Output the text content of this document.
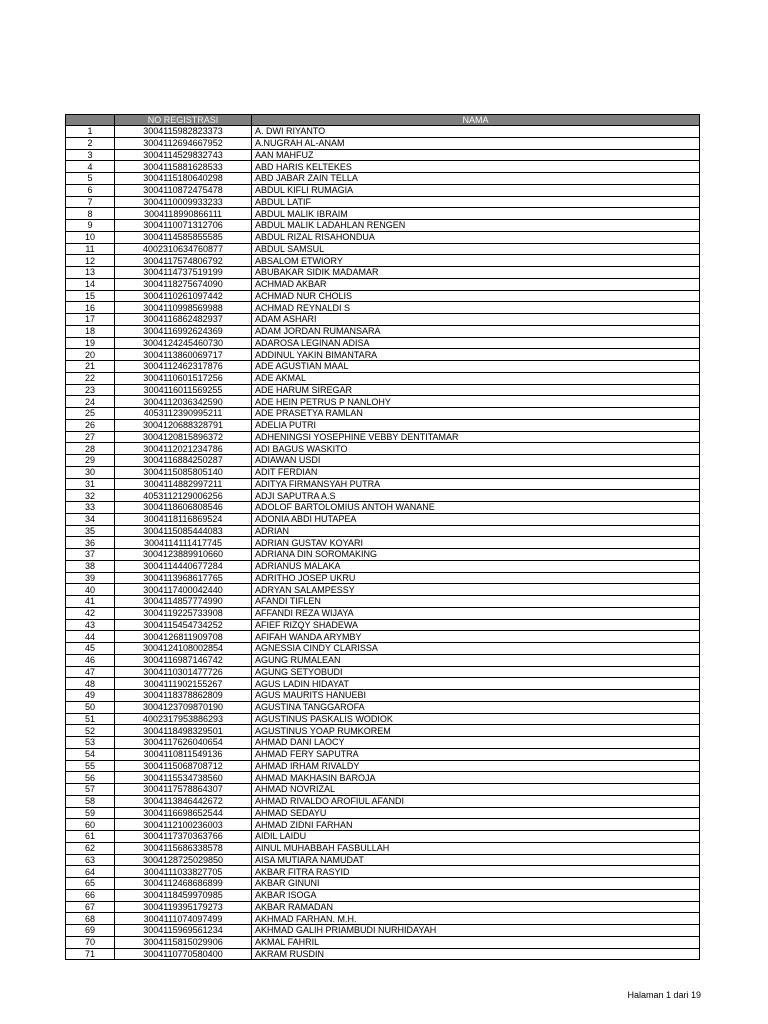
	NO REGISTRASI	NAMA
1	3004115982823373	A. DWI RIYANTO
2	3004112694667952	A.NUGRAH AL-ANAM
3	3004114529832743	AAN MAHFUZ
4	3004115881628533	ABD HARIS KELTEKES
5	3004115180640298	ABD JABAR ZAIN TELLA
6	3004110872475478	ABDUL KIFLI RUMAGIA
7	3004110009933233	ABDUL LATIF
8	3004118990866111	ABDUL MALIK IBRAIM
9	3004110071312706	ABDUL MALIK LADAHLAN RENGEN
10	3004114585855585	ABDUL RIZAL RISAHONDUA
11	4002310634760877	ABDUL SAMSUL
12	3004117574806792	ABSALOM ETWIORY
13	3004114737519199	ABUBAKAR SIDIK MADAMAR
14	3004118275674090	ACHMAD AKBAR
15	3004110261097442	ACHMAD NUR CHOLIS
16	3004110998569988	ACHMAD REYNALDI S
17	3004116862482937	ADAM ASHARI
18	3004116992624369	ADAM JORDAN RUMANSARA
19	3004124245460730	ADAROSA LEGINAN ADISA
20	3004113860069717	ADDINUL YAKIN BIMANTARA
21	3004112462317876	ADE AGUSTIAN MAAL
22	3004110601517256	ADE AKMAL
23	3004116011569255	ADE HARUM SIREGAR
24	3004112036342590	ADE HEIN PETRUS P NANLOHY
25	4053112390995211	ADE PRASETYA RAMLAN
26	3004120688328791	ADELIA PUTRI
27	3004120815896372	ADHENINGSI YOSEPHINE VEBBY DENTITAMAR
28	3004112021234786	ADI BAGUS WASKITO
29	3004116884250287	ADIAWAN USDI
30	3004115085805140	ADIT FERDIAN
31	3004114882997211	ADITYA FIRMANSYAH PUTRA
32	4053112129006256	ADJI SAPUTRA A.S
33	3004118606808546	ADOLOF BARTOLOMIUS ANTOH WANANE
34	3004118116869524	ADONIA ABDI HUTAPEA
35	3004115085444083	ADRIAN
36	3004114111417745	ADRIAN GUSTAV KOYARI
37	3004123889910660	ADRIANA DIN SOROMAKING
38	3004114440677284	ADRIANUS MALAKA
39	3004113968617765	ADRITHO JOSEP UKRU
40	3004117400042440	ADRYAN SALAMPESSY
41	3004114857774990	AFANDI TIFLEN
42	3004119225733908	AFFANDI REZA WIJAYA
43	3004115454734252	AFIEF RIZQY SHADEWA
44	3004126811909708	AFIFAH WANDA ARYMBY
45	3004124108002854	AGNESSIA CINDY CLARISSA
46	3004116987146742	AGUNG RUMALEAN
47	3004110301477726	AGUNG SETYOBUDI
48	3004111902155267	AGUS LADIN HIDAYAT
49	3004118378862809	AGUS MAURITS HANUEBI
50	3004123709870190	AGUSTINA TANGGAROFA
51	4002317953886293	AGUSTINUS PASKALIS WODIOK
52	3004118498329501	AGUSTINUS YOAP RUMKOREM
53	3004117626040654	AHMAD DANI LAOCY
54	3004110811549136	AHMAD FERY SAPUTRA
55	3004115068708712	AHMAD IRHAM RIVALDY
56	3004115534738560	AHMAD MAKHASIN BAROJA
57	3004117578864307	AHMAD NOVRIZAL
58	3004113846442672	AHMAD RIVALDO AROFIUL AFANDI
59	3004116698652544	AHMAD SEDAYU
60	3004112100236003	AHMAD ZIDNI FARHAN
61	3004117370363766	AIDIL LAIDU
62	3004115686338578	AINUL MUHABBAH FASBULLAH
63	3004128725029850	AISA MUTIARA NAMUDAT
64	3004111033827705	AKBAR FITRA RASYID
65	3004112468686899	AKBAR GINUNI
66	3004118459970985	AKBAR ISOGA
67	3004119395179273	AKBAR RAMADAN
68	3004111074097499	AKHMAD FARHAN. M.H.
69	3004115969561234	AKHMAD GALIH PRIAMBUDI NURHIDAYAH
70	3004115815029906	AKMAL FAHRIL
71	3004110770580400	AKRAM RUSDIN
Halaman 1 dari 19
